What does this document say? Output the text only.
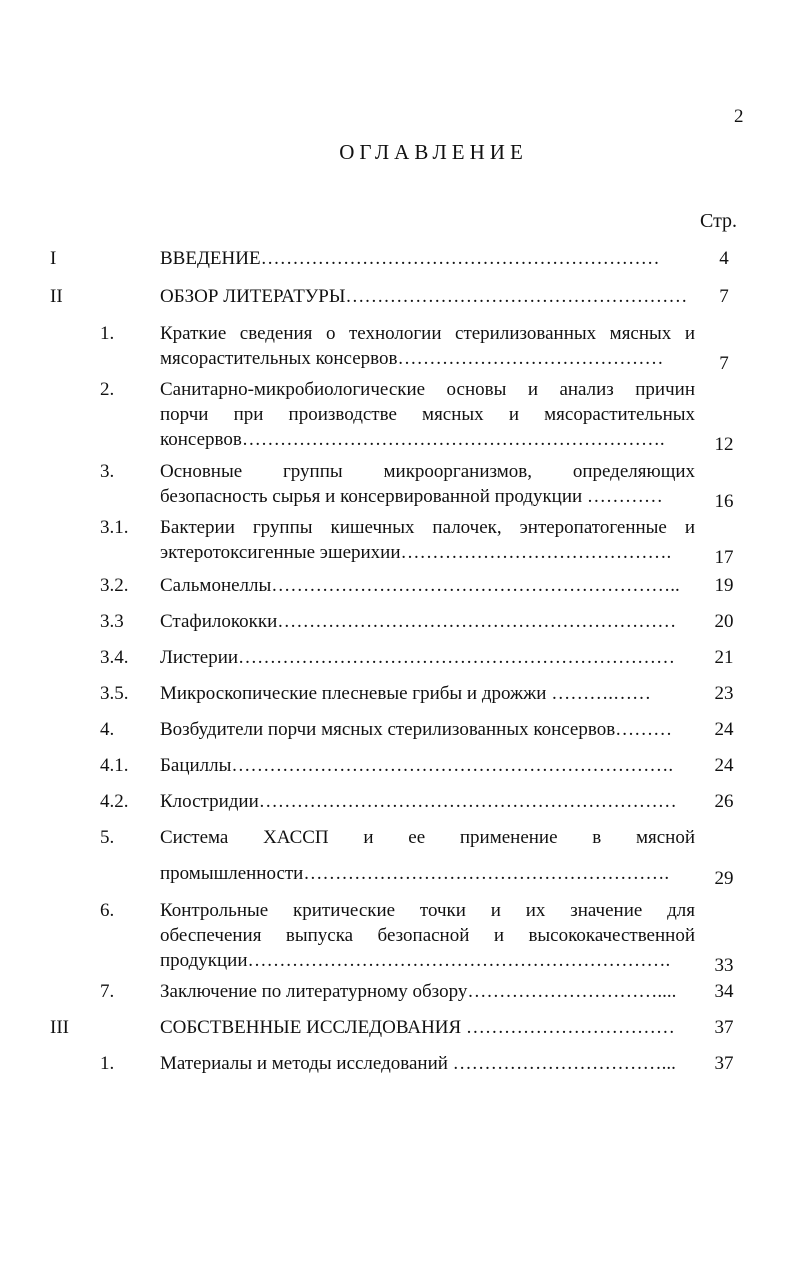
2
ОГЛАВЛЕНИЕ
Стр.
I	ВВЕДЕНИЕ………………………………………………………	4
II	ОБЗОР ЛИТЕРАТУРЫ………………………………………………	7
1. Краткие сведения о технологии стерилизованных мясных и
мясорастительных консервов……………………………………	7
2. Санитарно-микробиологические основы и анализ причин
порчи при производстве мясных и мясорастительных
консервов………………………………………………………….	12
3. Основные группы микроорганизмов, определяющих
безопасность сырья и консервированной продукции …………	16
3.1. Бактерии группы кишечных палочек, энтеропатогенные и
эктеротоксигенные эшерихии…………………………………….	17
3.2. Сальмонеллы………………………………………………………..	19
3.3 Стафилококки………………………………………………………	20
3.4. Листерии……………………………………………………………	21
3.5. Микроскопические плесневые грибы и дрожжи ……….……	23
4. Возбудители порчи мясных стерилизованных консервов………	24
4.1. Бациллы…………………………………………………………….	24
4.2. Клостридии…………………………………………………………	26
5. Система ХАССП и ее применение в мясной
промышленности………………………………………………….	29
6. Контрольные критические точки и их значение для
обеспечения выпуска безопасной и высококачественной
продукции………………………………………………………….	33
7. Заключение по литературному обзору…………………………....	34
III	СОБСТВЕННЫЕ ИССЛЕДОВАНИЯ ……………………………	37
1. Материалы и методы исследований ……………………………...	37
